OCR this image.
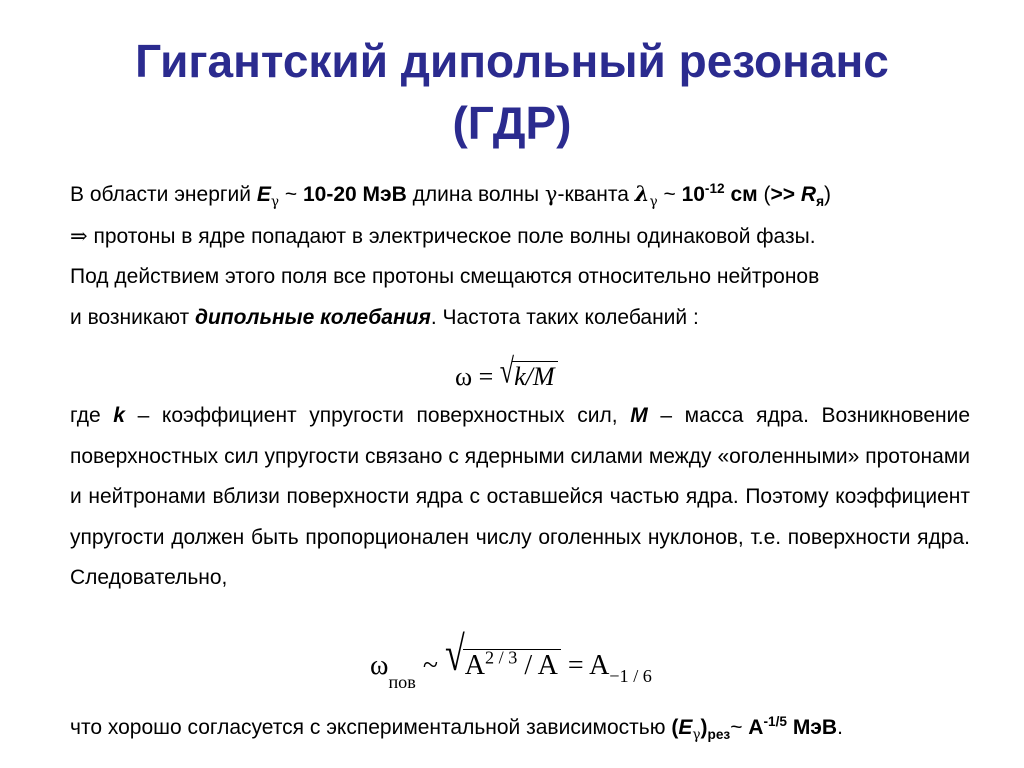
Гигантский дипольный резонанс
(ГДР)
В области энергий $E_\gamma$ ~ 10-20 МэВ длина волны γ-кванта $\lambda_\gamma$ ~ $10^{-12}$ см (>> $R_я$)
⇒ протоны в ядре попадают в электрическое поле волны одинаковой фазы.
Под действием этого поля все протоны смещаются относительно нейтронов
и возникают дипольные колебания. Частота таких колебаний :
ω = √ k/M
где k – коэффициент упругости поверхностных сил, M – масса ядра. Возникновение поверхностных сил упругости связано с ядерными силами между «оголенными» протонами и нейтронами вблизи поверхности ядра с оставшейся частью ядра. Поэтому коэффициент упругости должен быть пропорционален числу оголенных нуклонов, т.е. поверхности ядра. Следовательно,
ω
пов
~ √ $A^{2 / 3} / A = A^{-1 / 6}$
что хорошо согласуется с экспериментальной зависимостью $(E_\gamma)_{рез}\sim$ $A^{-1/5}$ МэВ.
